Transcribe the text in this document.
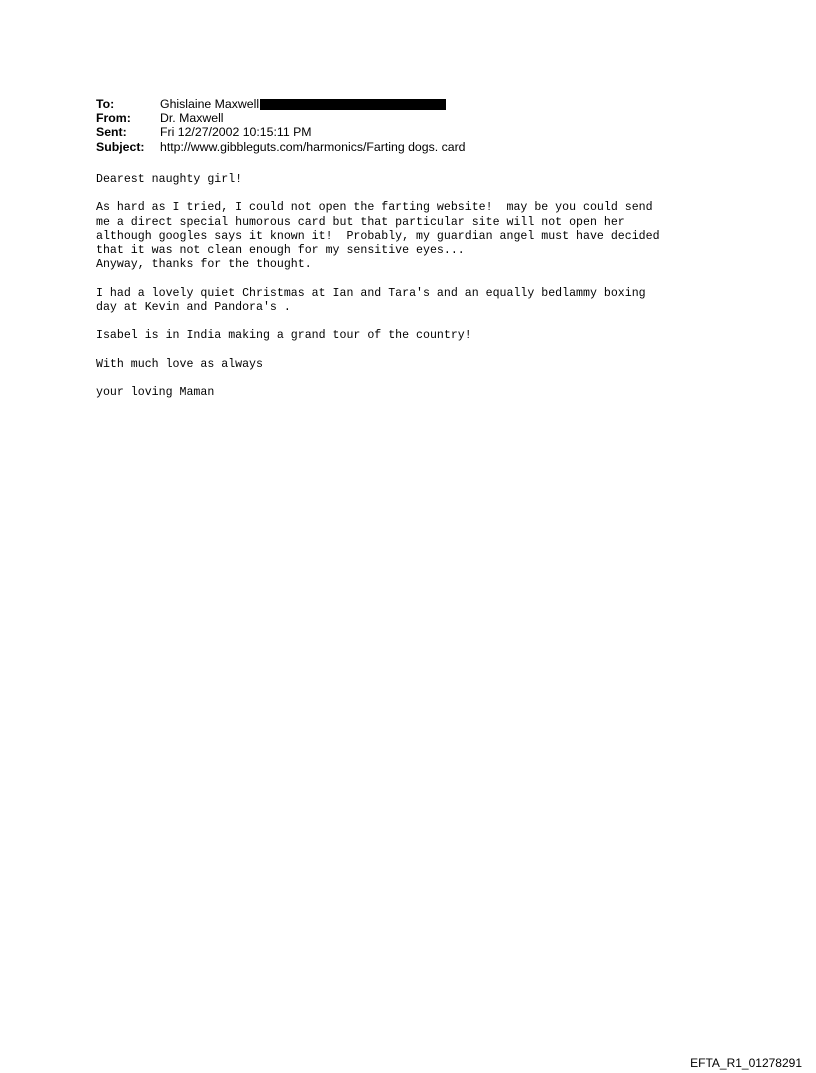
To:	Ghislaine Maxwell
From:	Dr. Maxwell
Sent:	Fri 12/27/2002 10:15:11 PM
Subject:	http://www.gibbleguts.com/harmonics/Farting dogs. card

Dearest naughty girl!

As hard as I tried, I could not open the farting website!  may be you could send
me a direct special humorous card but that particular site will not open her
although googles says it known it!  Probably, my guardian angel must have decided
that it was not clean enough for my sensitive eyes...
Anyway, thanks for the thought.

I had a lovely quiet Christmas at Ian and Tara's and an equally bedlammy boxing
day at Kevin and Pandora's .

Isabel is in India making a grand tour of the country!

With much love as always

your loving Maman

EFTA_R1_01278291
